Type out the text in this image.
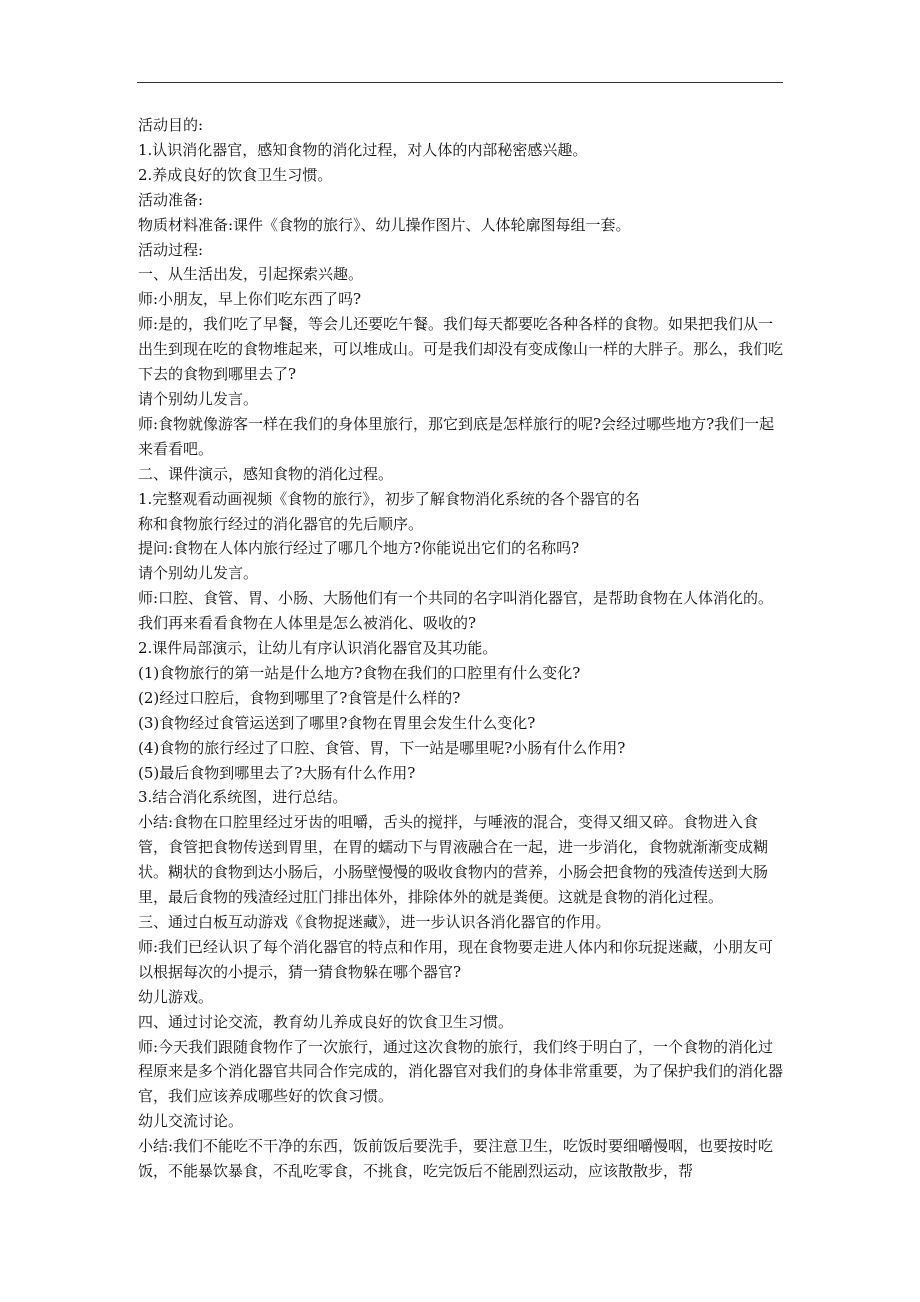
活动目的:

1.认识消化器官，感知食物的消化过程，对人体的内部秘密感兴趣。

2.养成良好的饮食卫生习惯。

活动准备:

物质材料准备:课件《食物的旅行》、幼儿操作图片、人体轮廓图每组一套。

活动过程:

一、从生活出发，引起探索兴趣。

师:小朋友，早上你们吃东西了吗?

师:是的，我们吃了早餐，等会儿还要吃午餐。我们每天都要吃各种各样的食物。如果把我们从一出生到现在吃的食物堆起来，可以堆成山。可是我们却没有变成像山一样的大胖子。那么，我们吃下去的食物到哪里去了?

请个别幼儿发言。

师:食物就像游客一样在我们的身体里旅行，那它到底是怎样旅行的呢?会经过哪些地方?我们一起来看看吧。

二、课件演示，感知食物的消化过程。

1.完整观看动画视频《食物的旅行》，初步了解食物消化系统的各个器官的名

称和食物旅行经过的消化器官的先后顺序。

提问:食物在人体内旅行经过了哪几个地方?你能说出它们的名称吗?

请个别幼儿发言。

师:口腔、食管、胃、小肠、大肠他们有一个共同的名字叫消化器官，是帮助食物在人体消化的。我们再来看看食物在人体里是怎么被消化、吸收的?

2.课件局部演示，让幼儿有序认识消化器官及其功能。

(1)食物旅行的第一站是什么地方?食物在我们的口腔里有什么变化?

(2)经过口腔后，食物到哪里了?食管是什么样的?

(3)食物经过食管运送到了哪里?食物在胃里会发生什么变化?

(4)食物的旅行经过了口腔、食管、胃，下一站是哪里呢?小肠有什么作用?

(5)最后食物到哪里去了?大肠有什么作用?

3.结合消化系统图，进行总结。

小结:食物在口腔里经过牙齿的咀嚼，舌头的搅拌，与唾液的混合，变得又细又碎。食物进入食管，食管把食物传送到胃里，在胃的蠕动下与胃液融合在一起，进一步消化，食物就渐渐变成糊状。糊状的食物到达小肠后，小肠壁慢慢的吸收食物内的营养，小肠会把食物的残渣传送到大肠里，最后食物的残渣经过肛门排出体外，排除体外的就是粪便。这就是食物的消化过程。

三、通过白板互动游戏《食物捉迷藏》，进一步认识各消化器官的作用。

师:我们已经认识了每个消化器官的特点和作用，现在食物要走进人体内和你玩捉迷藏，小朋友可以根据每次的小提示，猜一猜食物躲在哪个器官?

幼儿游戏。

四、通过讨论交流，教育幼儿养成良好的饮食卫生习惯。

师:今天我们跟随食物作了一次旅行，通过这次食物的旅行，我们终于明白了，一个食物的消化过程原来是多个消化器官共同合作完成的，消化器官对我们的身体非常重要，为了保护我们的消化器官，我们应该养成哪些好的饮食习惯。

幼儿交流讨论。

小结:我们不能吃不干净的东西，饭前饭后要洗手，要注意卫生，吃饭时要细嚼慢咽，也要按时吃饭，不能暴饮暴食，不乱吃零食，不挑食，吃完饭后不能剧烈运动，应该散散步，帮
